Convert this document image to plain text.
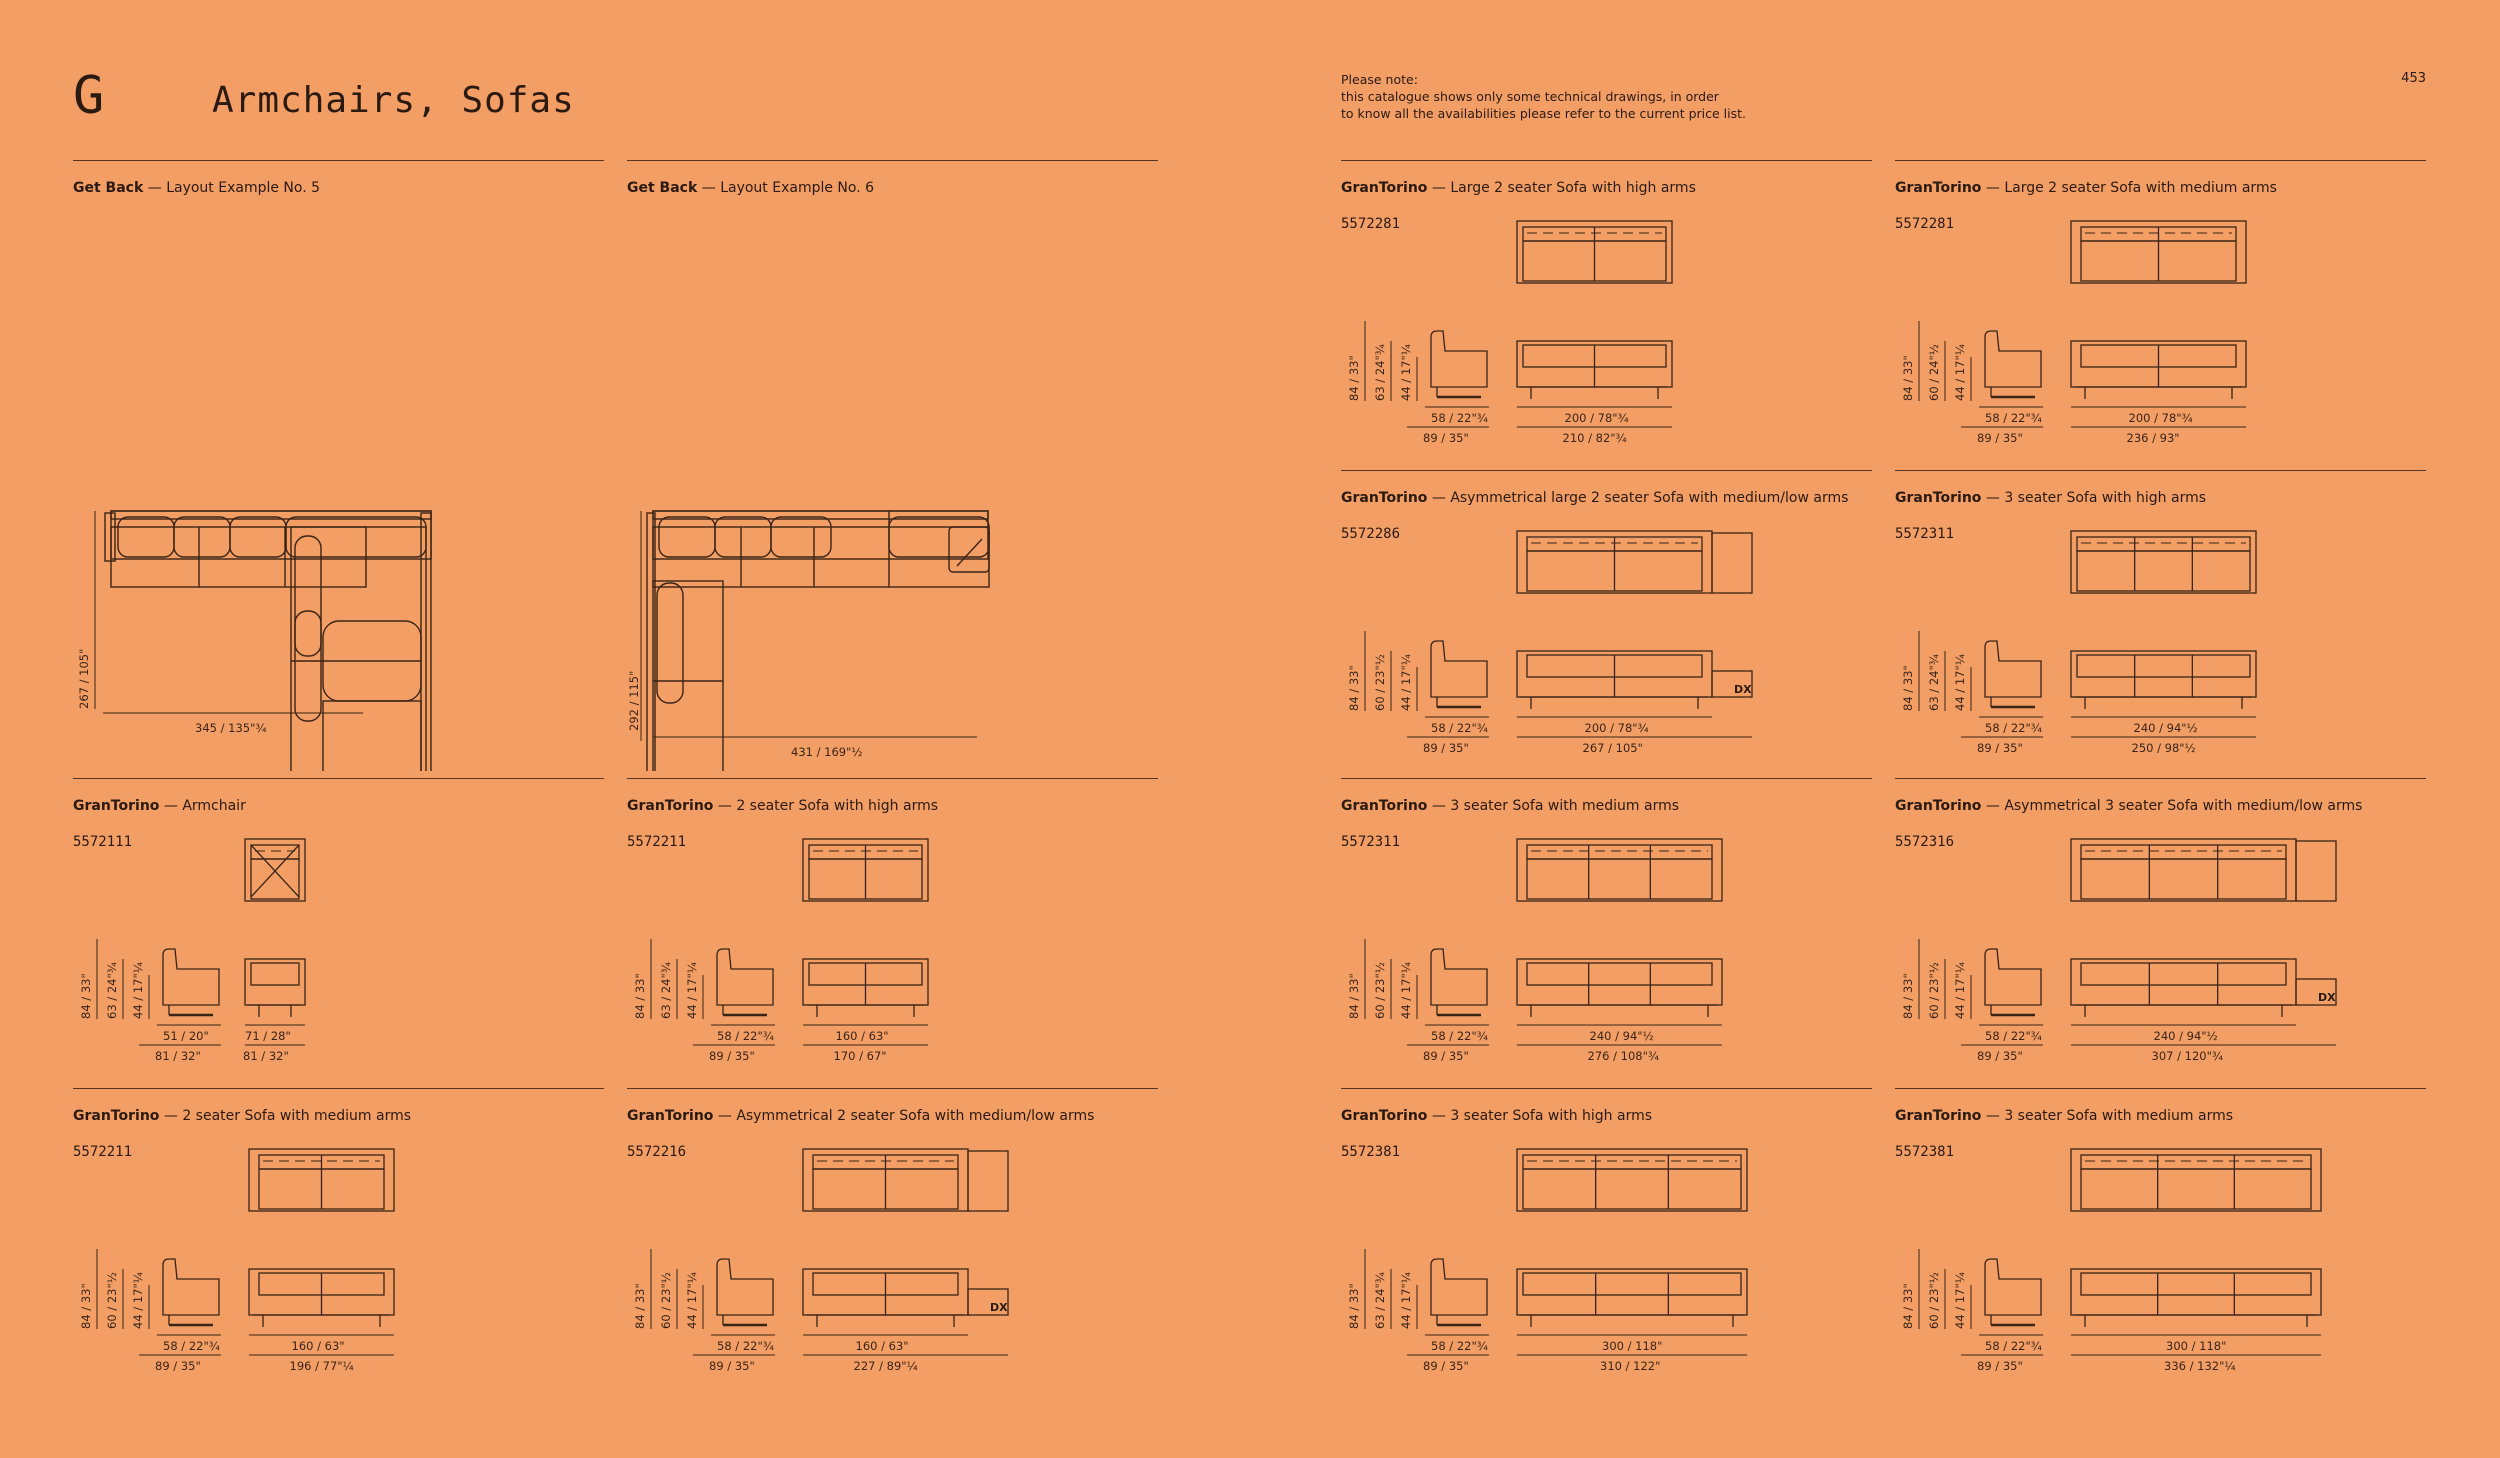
G	Armchairs, Sofas
Please note:
this catalogue shows only some technical drawings, in order
to know all the availabilities please refer to the current price list.
453
Get Back — Layout Example No. 5
267 / 105"
345 / 135"¾
Get Back — Layout Example No. 6
292 / 115"
431 / 169"½
GranTorino — Armchair
5572111
84 / 33" 63 / 24"¾ 44 / 17"¼
51 / 20"
81 / 32"
71 / 28"
81 / 32"
GranTorino — 2 seater Sofa with high arms
5572211
84 / 33" 63 / 24"¾ 44 / 17"¼
58 / 22"¾
89 / 35"
160 / 63"
170 / 67"
GranTorino — 2 seater Sofa with medium arms
5572211
84 / 33" 60 / 23"½ 44 / 17"¼
58 / 22"¾
89 / 35"
160 / 63"
196 / 77"¼
GranTorino — Asymmetrical 2 seater Sofa with medium/low arms
5572216
DX
84 / 33" 60 / 23"½ 44 / 17"¼
58 / 22"¾
89 / 35"
160 / 63"
227 / 89"¼
GranTorino — Large 2 seater Sofa with high arms
5572281
84 / 33" 63 / 24"¾ 44 / 17"¼
58 / 22"¾
89 / 35"
200 / 78"¾
210 / 82"¾
GranTorino — Large 2 seater Sofa with medium arms
5572281
84 / 33" 60 / 24"½ 44 / 17"¼
58 / 22"¾
89 / 35"
200 / 78"¾
236 / 93"
GranTorino — Asymmetrical large 2 seater Sofa with medium/low arms
5572286
DX
84 / 33" 60 / 23"½ 44 / 17"¼
58 / 22"¾
89 / 35"
200 / 78"¾
267 / 105"
GranTorino — 3 seater Sofa with high arms
5572311
84 / 33" 63 / 24"¾ 44 / 17"¼
58 / 22"¾
89 / 35"
240 / 94"½
250 / 98"½
GranTorino — 3 seater Sofa with medium arms
5572311
84 / 33" 60 / 23"½ 44 / 17"¼
58 / 22"¾
89 / 35"
240 / 94"½
276 / 108"¾
GranTorino — Asymmetrical 3 seater Sofa with medium/low arms
5572316
DX
84 / 33" 60 / 23"½ 44 / 17"¼
58 / 22"¾
89 / 35"
240 / 94"½
307 / 120"¾
GranTorino — 3 seater Sofa with high arms
5572381
84 / 33" 63 / 24"¾ 44 / 17"¼
58 / 22"¾
89 / 35"
300 / 118"
310 / 122"
GranTorino — 3 seater Sofa with medium arms
5572381
84 / 33" 60 / 23"½ 44 / 17"¼
58 / 22"¾
89 / 35"
300 / 118"
336 / 132"¼
